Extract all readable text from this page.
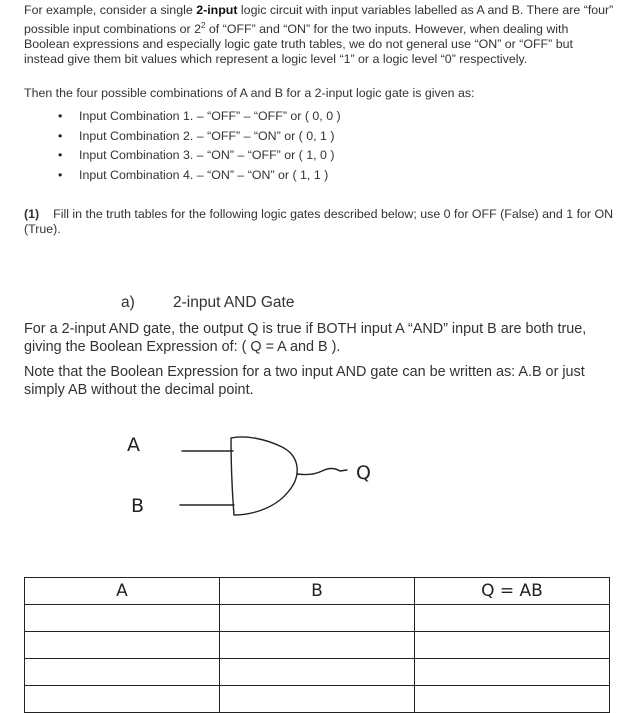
For example, consider a single 2-input logic circuit with input variables labelled as A and B. There are “four” possible input combinations or $2^2$ of “OFF” and “ON” for the two inputs. However, when dealing with Boolean expressions and especially logic gate truth tables, we do not general use “ON” or “OFF” but instead give them bit values which represent a logic level “1” or a logic level “0” respectively.
Then the four possible combinations of A and B for a 2-input logic gate is given as:
• Input Combination 1. – “OFF” – “OFF” or ( 0, 0 )
• Input Combination 2. – “OFF” – “ON” or ( 0, 1 )
• Input Combination 3. – “ON” – “OFF” or ( 1, 0 )
• Input Combination 4. – “ON” – “ON” or ( 1, 1 )
(1) Fill in the truth tables for the following logic gates described below; use 0 for OFF (False) and 1 for ON (True).
a) 2-input AND Gate
For a 2-input AND gate, the output Q is true if BOTH input A “AND” input B are both true, giving the Boolean Expression of: ( Q = A and B ).
Note that the Boolean Expression for a two input AND gate can be written as: A.B or just simply AB without the decimal point.
A
B
Q
A	B	Q = AB
